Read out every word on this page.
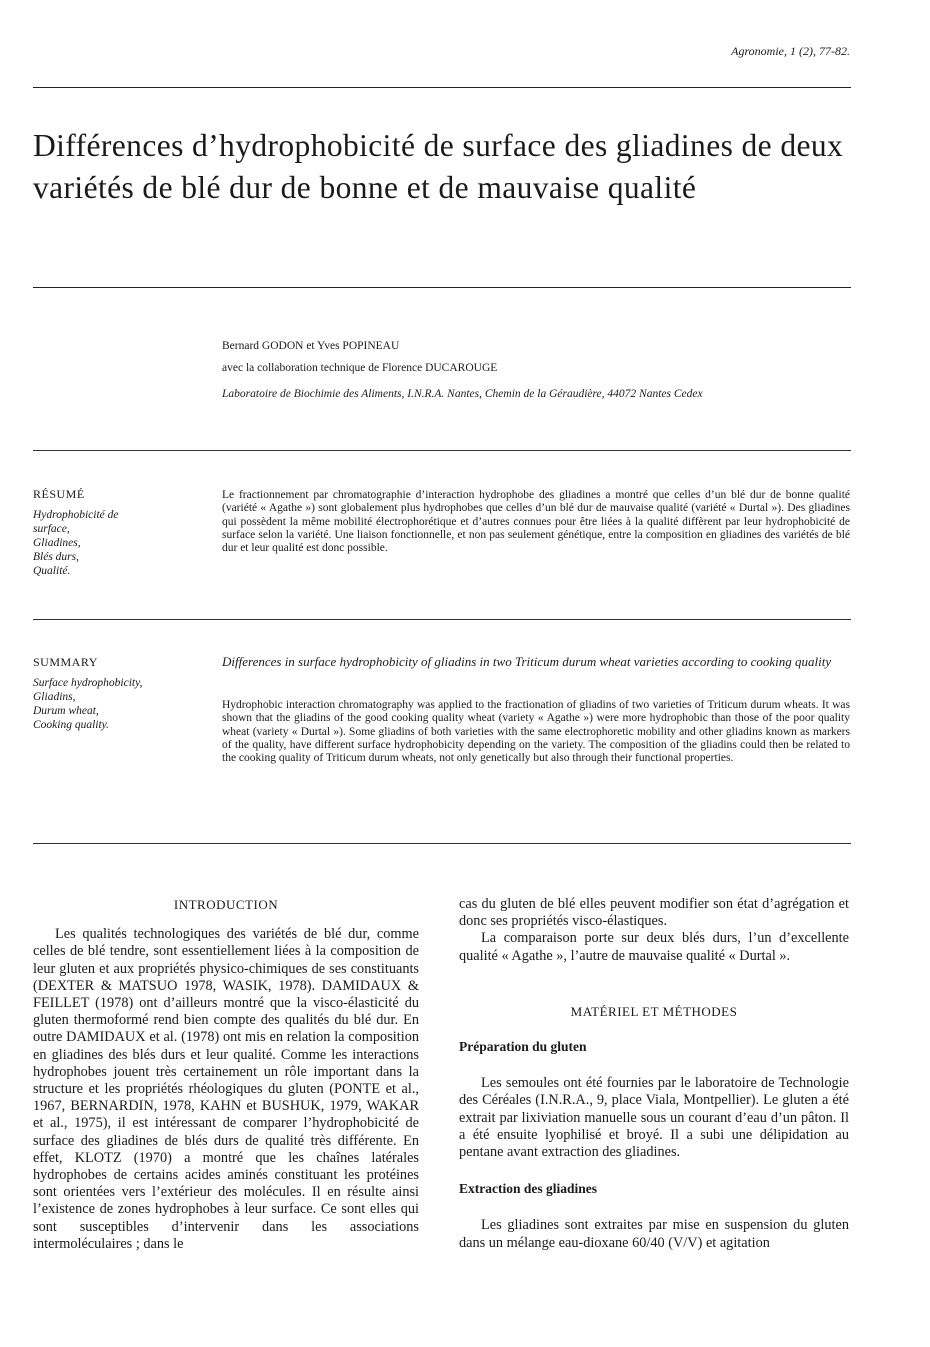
Agronomie, 1 (2), 77-82.
Différences d’hydrophobicité de surface des gliadines de deux variétés de blé dur de bonne et de mauvaise qualité
Bernard GODON et Yves POPINEAU
avec la collaboration technique de Florence DUCAROUGE
Laboratoire de Biochimie des Aliments, I.N.R.A. Nantes, Chemin de la Géraudière, 44072 Nantes Cedex
RÉSUMÉ
Hydrophobicité de
surface,
Gliadines,
Blés durs,
Qualité.
Le fractionnement par chromatographie d’interaction hydrophobe des gliadines a montré que celles d’un blé dur de bonne qualité (variété « Agathe ») sont globalement plus hydrophobes que celles d’un blé dur de mauvaise qualité (variété « Durtal »). Des gliadines qui possèdent la même mobilité électrophorétique et d’autres connues pour être liées à la qualité diffèrent par leur hydrophobicité de surface selon la variété. Une liaison fonctionnelle, et non pas seulement génétique, entre la composition en gliadines des variétés de blé dur et leur qualité est donc possible.
SUMMARY
Surface hydrophobicity,
Gliadins,
Durum wheat,
Cooking quality.
Differences in surface hydrophobicity of gliadins in two Triticum durum wheat varieties according to cooking quality
Hydrophobic interaction chromatography was applied to the fractionation of gliadins of two varieties of Triticum durum wheats. It was shown that the gliadins of the good cooking quality wheat (variety « Agathe ») were more hydrophobic than those of the poor quality wheat (variety « Durtal »). Some gliadins of both varieties with the same electrophoretic mobility and other gliadins known as markers of the quality, have different surface hydrophobicity depending on the variety. The composition of the gliadins could then be related to the cooking quality of Triticum durum wheats, not only genetically but also through their functional properties.
INTRODUCTION

Les qualités technologiques des variétés de blé dur, comme celles de blé tendre, sont essentiellement liées à la composition de leur gluten et aux propriétés physico-chimiques de ses constituants (DEXTER & MATSUO 1978, WASIK, 1978). DAMIDAUX & FEILLET (1978) ont d’ailleurs montré que la visco-élasticité du gluten thermoformé rend bien compte des qualités du blé dur. En outre DAMIDAUX et al. (1978) ont mis en relation la composition en gliadines des blés durs et leur qualité. Comme les interactions hydrophobes jouent très certainement un rôle important dans la structure et les propriétés rhéologiques du gluten (PONTE et al., 1967, BERNARDIN, 1978, KAHN et BUSHUK, 1979, WAKAR et al., 1975), il est intéressant de comparer l’hydrophobicité de surface des gliadines de blés durs de qualité très différente. En effet, KLOTZ (1970) a montré que les chaînes latérales hydrophobes de certains acides aminés constituant les protéines sont orientées vers l’extérieur des molécules. Il en résulte ainsi l’existence de zones hydrophobes à leur surface. Ce sont elles qui sont susceptibles d’intervenir dans les associations intermoléculaires ; dans le

cas du gluten de blé elles peuvent modifier son état d’agrégation et donc ses propriétés visco-élastiques.

La comparaison porte sur deux blés durs, l’un d’excellente qualité « Agathe », l’autre de mauvaise qualité « Durtal ».

MATÉRIEL ET MÉTHODES
Préparation du gluten

Les semoules ont été fournies par le laboratoire de Technologie des Céréales (I.N.R.A., 9, place Viala, Montpellier). Le gluten a été extrait par lixiviation manuelle sous un courant d’eau d’un pâton. Il a été ensuite lyophilisé et broyé. Il a subi une délipidation au pentane avant extraction des gliadines.

Extraction des gliadines

Les gliadines sont extraites par mise en suspension du gluten dans un mélange eau-dioxane 60/40 (V/V) et agitation
